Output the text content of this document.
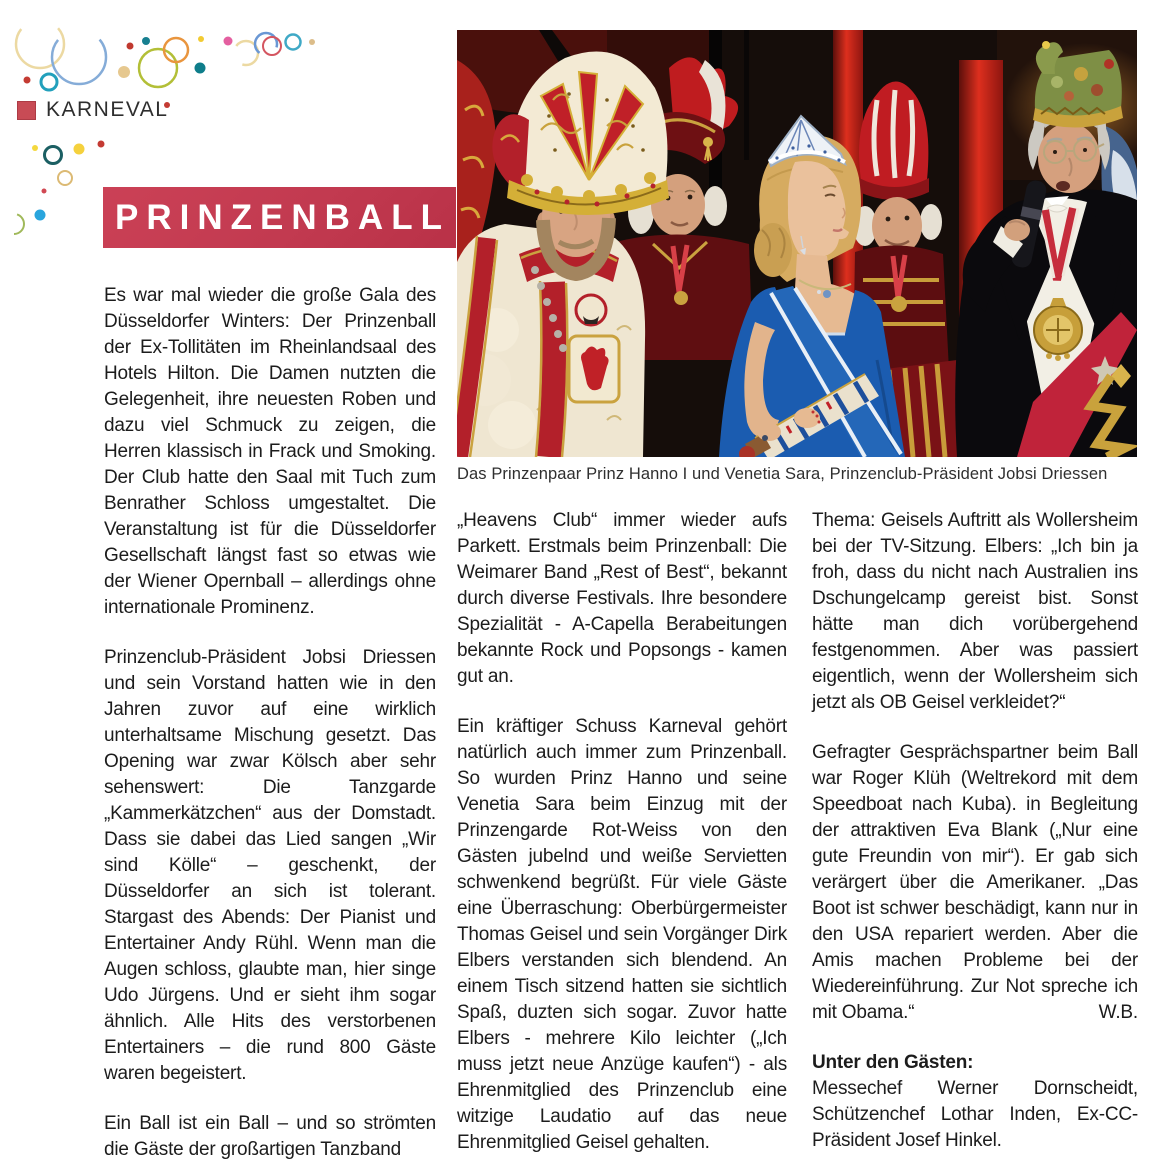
KARNEVAL
PRINZENBALL
Das Prinzenpaar Prinz Hanno I und Venetia Sara, Prinzenclub-Präsident Jobsi Driessen

Es war mal wieder die große Gala des Düsseldorfer Winters: Der Prinzenball der Ex-Tollitäten im Rheinlandsaal des Hotels Hilton. Die Damen nutzten die Gelegenheit, ihre neuesten Roben und dazu viel Schmuck zu zeigen, die Herren klassisch in Frack und Smoking. Der Club hatte den Saal mit Tuch zum Benrather Schloss umgestaltet. Die Veranstaltung ist für die Düsseldorfer Gesellschaft längst fast so etwas wie der Wiener Opernball – allerdings ohne internationale Prominenz.

Prinzenclub-Präsident Jobsi Driessen und sein Vorstand hatten wie in den Jahren zuvor auf eine wirklich unterhaltsame Mischung gesetzt. Das Opening war zwar Kölsch aber sehr sehenswert: Die Tanzgarde „Kammerkätzchen“ aus der Domstadt. Dass sie dabei das Lied sangen „Wir sind Kölle“ – geschenkt, der Düsseldorfer an sich ist tolerant. Stargast des Abends: Der Pianist und Entertainer Andy Rühl. Wenn man die Augen schloss, glaubte man, hier singe Udo Jürgens. Und er sieht ihm sogar ähnlich. Alle Hits des verstorbenen Entertainers – die rund 800 Gäste waren begeistert.

Ein Ball ist ein Ball – und so strömten die Gäste der großartigen Tanzband

„Heavens Club“ immer wieder aufs Parkett. Erstmals beim Prinzenball: Die Weimarer Band „Rest of Best“, bekannt durch diverse Festivals. Ihre besondere Spezialität - A-Capella Berabeitungen bekannte Rock und Popsongs - kamen gut an.

Ein kräftiger Schuss Karneval gehört natürlich auch immer zum Prinzenball. So wurden Prinz Hanno und seine Venetia Sara beim Einzug mit der Prinzengarde Rot-Weiss von den Gästen jubelnd und weiße Servietten schwenkend begrüßt. Für viele Gäste eine Überraschung: Oberbürgermeister Thomas Geisel und sein Vorgänger Dirk Elbers verstanden sich blendend. An einem Tisch sitzend hatten sie sichtlich Spaß, duzten sich sogar. Zuvor hatte Elbers - mehrere Kilo leichter („Ich muss jetzt neue Anzüge kaufen“) - als Ehrenmitglied des Prinzenclub eine witzige Laudatio auf das neue Ehrenmitglied Geisel gehalten.

Thema: Geisels Auftritt als Wollersheim bei der TV-Sitzung. Elbers: „Ich bin ja froh, dass du nicht nach Australien ins Dschungelcamp gereist bist. Sonst hätte man dich vorübergehend festgenommen. Aber was passiert eigentlich, wenn der Wollersheim sich jetzt als OB Geisel verkleidet?“

Gefragter Gesprächspartner beim Ball war Roger Klüh (Weltrekord mit dem Speedboat nach Kuba). in Begleitung der attraktiven Eva Blank („Nur eine gute Freundin von mir“). Er gab sich verärgert über die Amerikaner. „Das Boot ist schwer beschädigt, kann nur in den USA repariert werden. Aber die Amis machen Probleme bei der Wiedereinführung. Zur Not spreche ich mit Obama.“	W.B.

Unter den Gästen:

Messechef Werner Dornscheidt, Schützenchef Lothar Inden, Ex-CC-Präsident Josef Hinkel.
